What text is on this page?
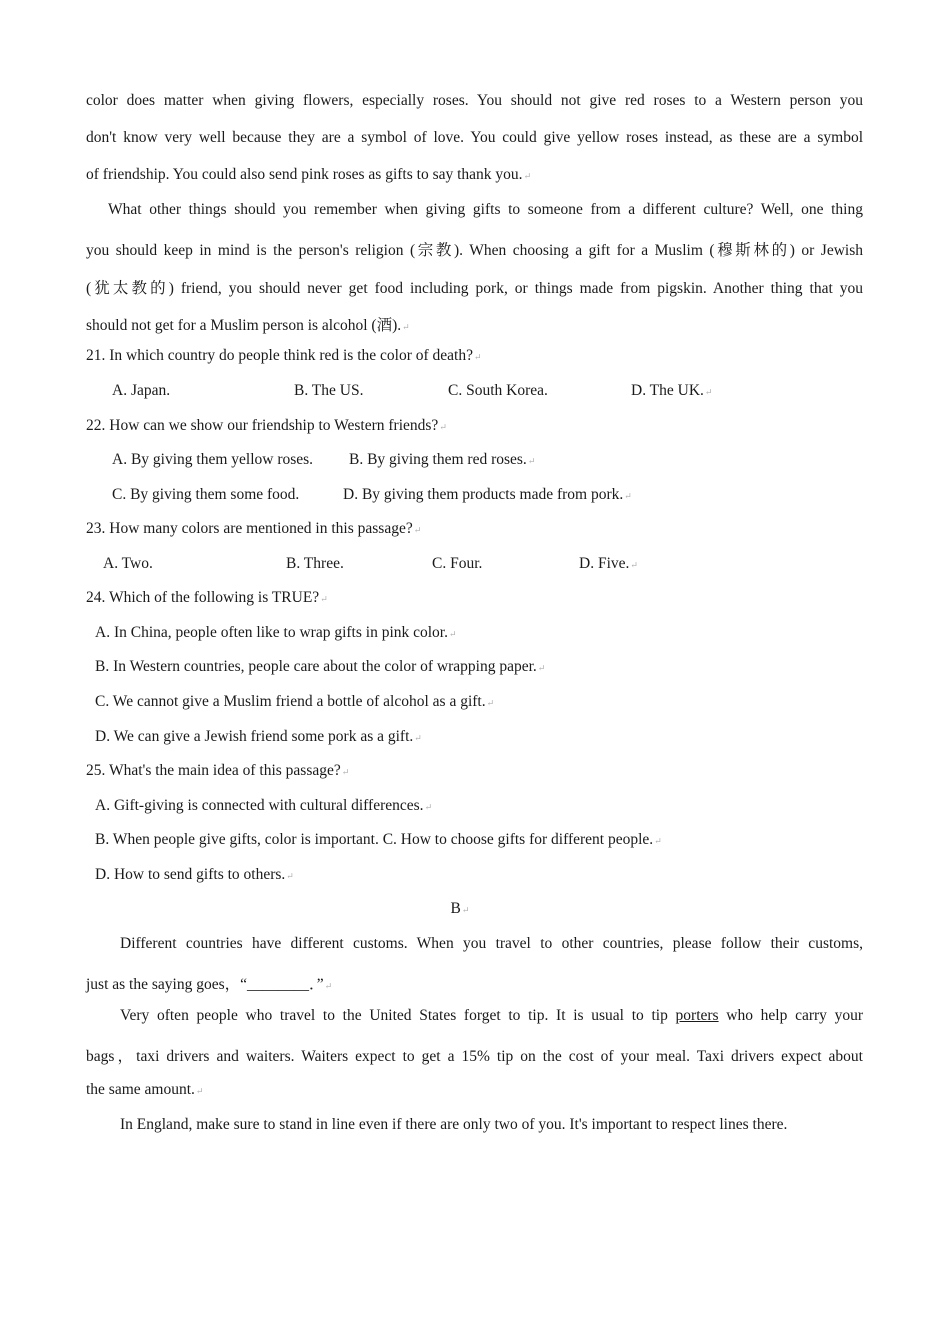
color does matter when giving flowers, especially roses. You should not give red roses to a Western person you
don't know very well because they are a symbol of love. You could give yellow roses instead, as these are a symbol
of friendship. You could also send pink roses as gifts to say thank you.↵
What other things should you remember when giving gifts to someone from a different culture? Well, one thing
you should keep in mind is the person's religion (宗教). When choosing a gift for a Muslim (穆斯林的) or Jewish
(犹太教的) friend, you should never get food including pork, or things made from pigskin. Another thing that you
should not get for a Muslim person is alcohol (酒).↵
21. In which country do people think red is the color of death?↵
A. Japan.	B. The US.	C. South Korea.	D. The UK.↵
22. How can we show our friendship to Western friends?↵
A. By giving them yellow roses. B. By giving them red roses.↵
C. By giving them some food.	D. By giving them products made from pork.↵
23. How many colors are mentioned in this passage?↵
A. Two.	B. Three.	C. Four.	D. Five.↵
24. Which of the following is TRUE?↵
A. In China, people often like to wrap gifts in pink color.↵
B. In Western countries, people care about the color of wrapping paper.↵
C. We cannot give a Muslim friend a bottle of alcohol as a gift.↵
D. We can give a Jewish friend some pork as a gift.↵
25. What's the main idea of this passage?↵
A. Gift-giving is connected with cultural differences.↵
B. When people give gifts, color is important. C. How to choose gifts for different people.↵
D. How to send gifts to others.↵
B↵
Different countries have different customs. When you travel to other countries, please follow their customs,
just as the saying goes，“________．”↵
Very often people who travel to the United States forget to tip. It is usual to tip porters who help carry your
bags，taxi drivers and waiters. Waiters expect to get a 15% tip on the cost of your meal. Taxi drivers expect about
the same amount.↵
In England, make sure to stand in line even if there are only two of you. It's important to respect lines there.
